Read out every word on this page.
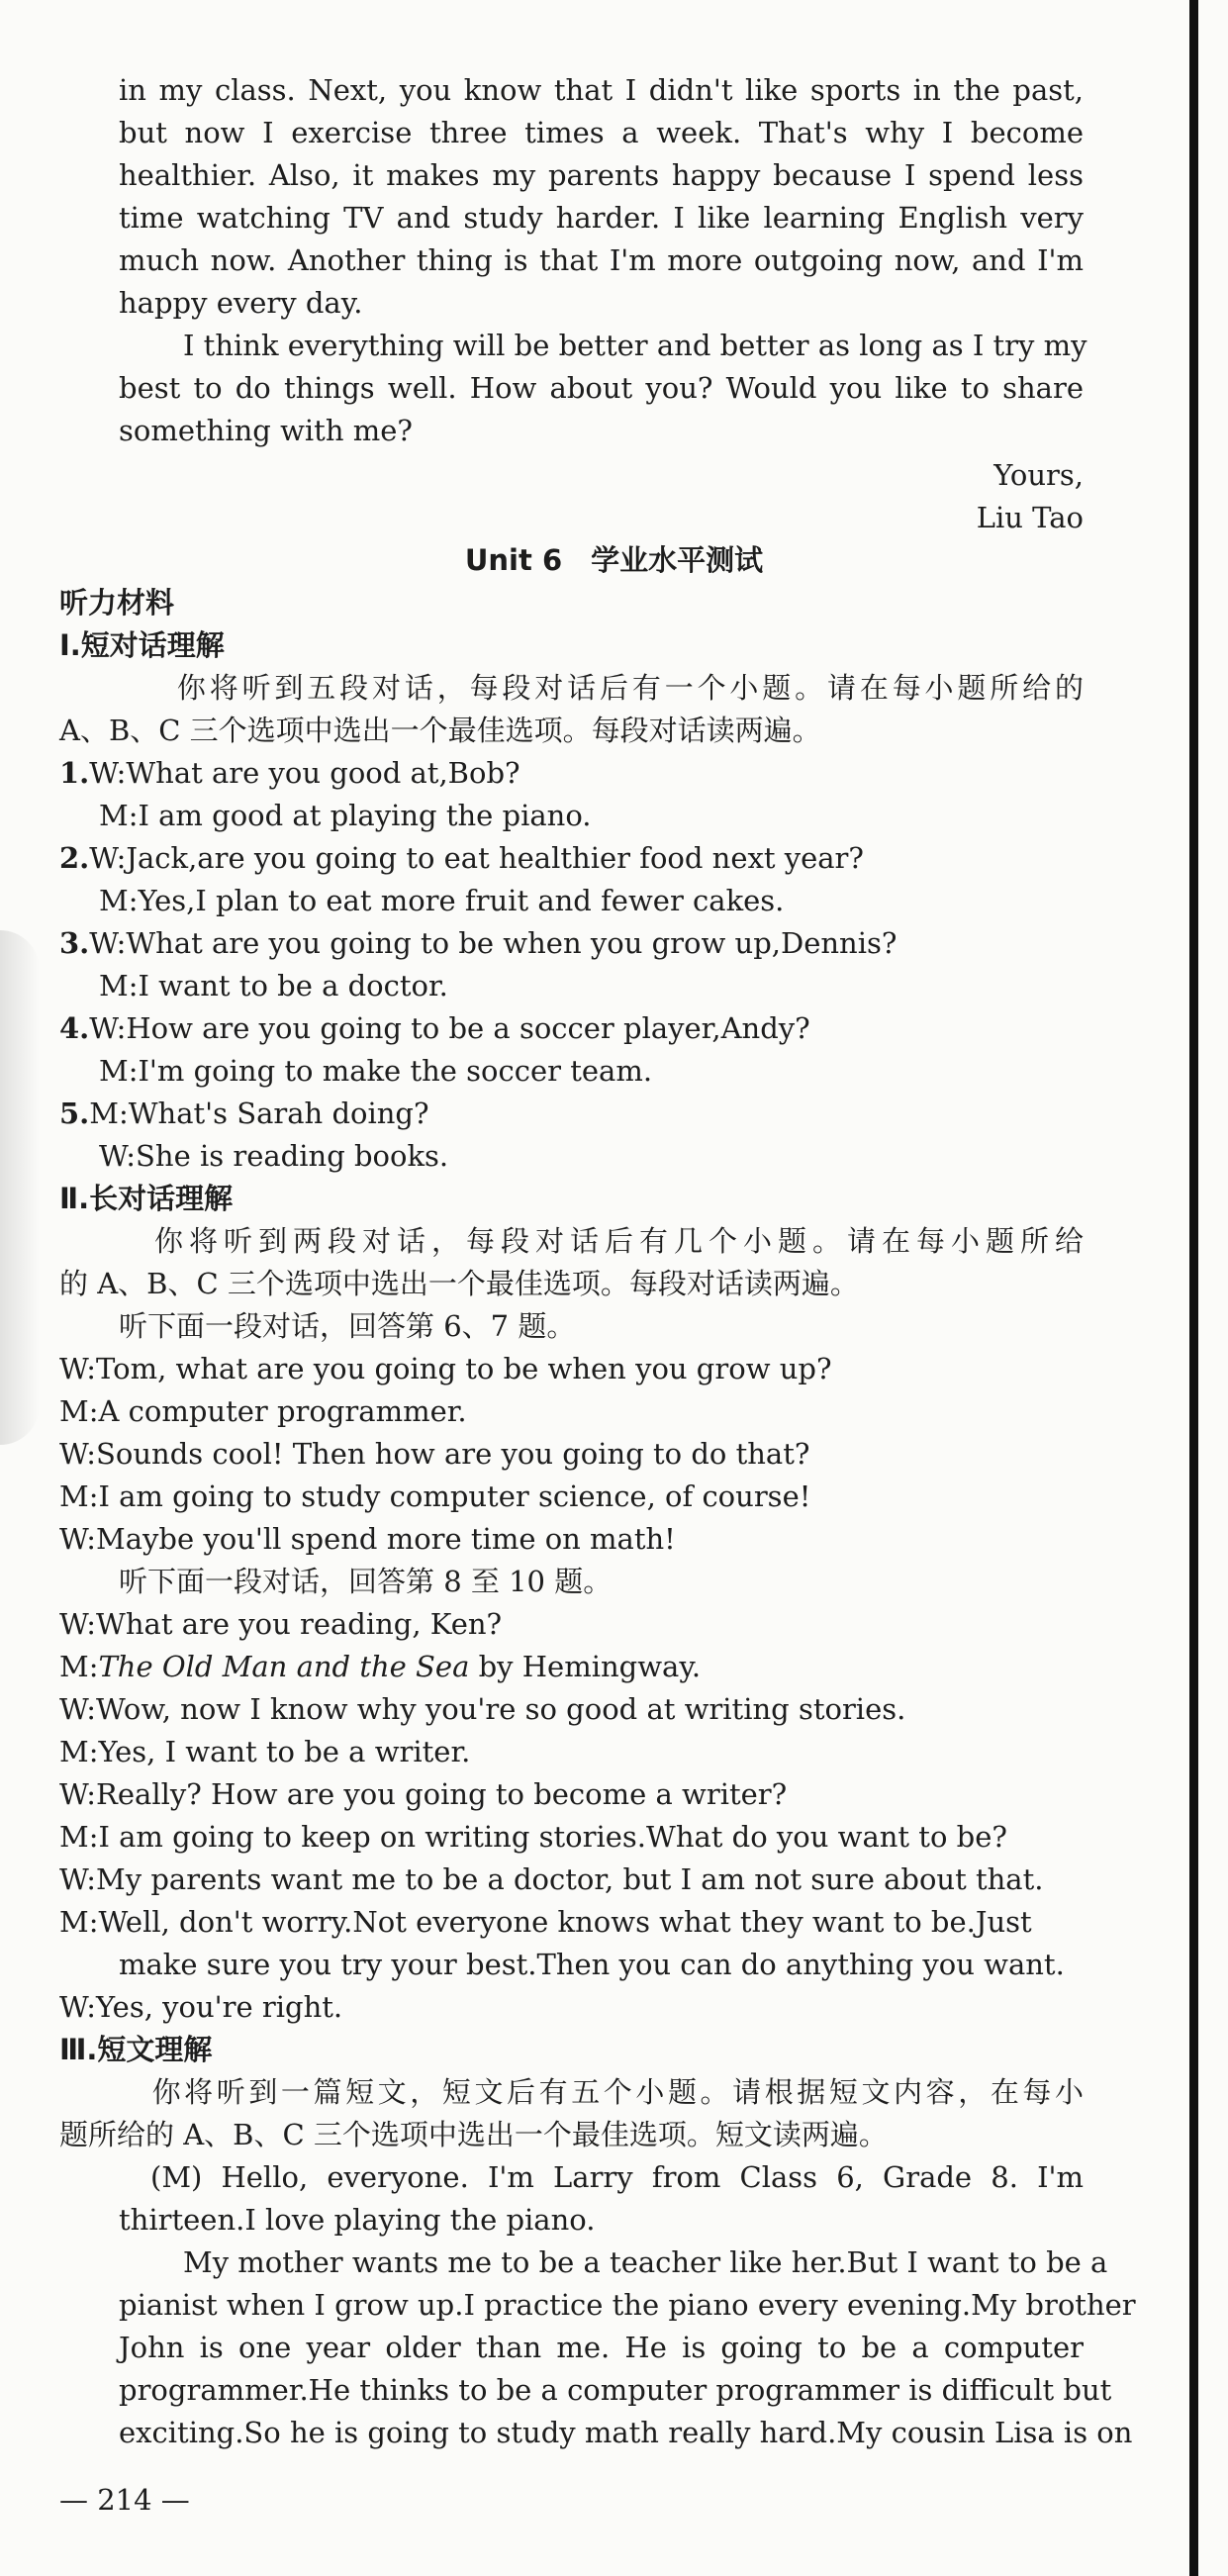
in my class. Next, you know that I didn't like sports in the past,
but now I exercise three times a week. That's why I become
healthier. Also, it makes my parents happy because I spend less
time watching TV and study harder. I like learning English very
much now. Another thing is that I'm more outgoing now, and I'm
happy every day.
I think everything will be better and better as long as I try my
best to do things well. How about you? Would you like to share
something with me?
Yours,
Liu Tao
Unit 6　学业水平测试
听力材料
Ⅰ.短对话理解
你将听到五段对话，每段对话后有一个小题。请在每小题所给的
A、B、C 三个选项中选出一个最佳选项。每段对话读两遍。
1.W:What are you good at,Bob?
M:I am good at playing the piano.
2.W:Jack,are you going to eat healthier food next year?
M:Yes,I plan to eat more fruit and fewer cakes.
3.W:What are you going to be when you grow up,Dennis?
M:I want to be a doctor.
4.W:How are you going to be a soccer player,Andy?
M:I'm going to make the soccer team.
5.M:What's Sarah doing?
W:She is reading books.
Ⅱ.长对话理解
你将听到两段对话，每段对话后有几个小题。请在每小题所给
的 A、B、C 三个选项中选出一个最佳选项。每段对话读两遍。
听下面一段对话，回答第 6、7 题。
W:Tom, what are you going to be when you grow up?
M:A computer programmer.
W:Sounds cool! Then how are you going to do that?
M:I am going to study computer science, of course!
W:Maybe you'll spend more time on math!
听下面一段对话，回答第 8 至 10 题。
W:What are you reading, Ken?
M:The Old Man and the Sea by Hemingway.
W:Wow, now I know why you're so good at writing stories.
M:Yes, I want to be a writer.
W:Really? How are you going to become a writer?
M:I am going to keep on writing stories.What do you want to be?
W:My parents want me to be a doctor, but I am not sure about that.
M:Well, don't worry.Not everyone knows what they want to be.Just
make sure you try your best.Then you can do anything you want.
W:Yes, you're right.
Ⅲ.短文理解
你将听到一篇短文，短文后有五个小题。请根据短文内容，在每小
题所给的 A、B、C 三个选项中选出一个最佳选项。短文读两遍。
(M) Hello, everyone. I'm Larry from Class 6, Grade 8. I'm
thirteen.I love playing the piano.
My mother wants me to be a teacher like her.But I want to be a
pianist when I grow up.I practice the piano every evening.My brother
John is one year older than me. He is going to be a computer
programmer.He thinks to be a computer programmer is difficult but
exciting.So he is going to study math really hard.My cousin Lisa is on
— 214 —
